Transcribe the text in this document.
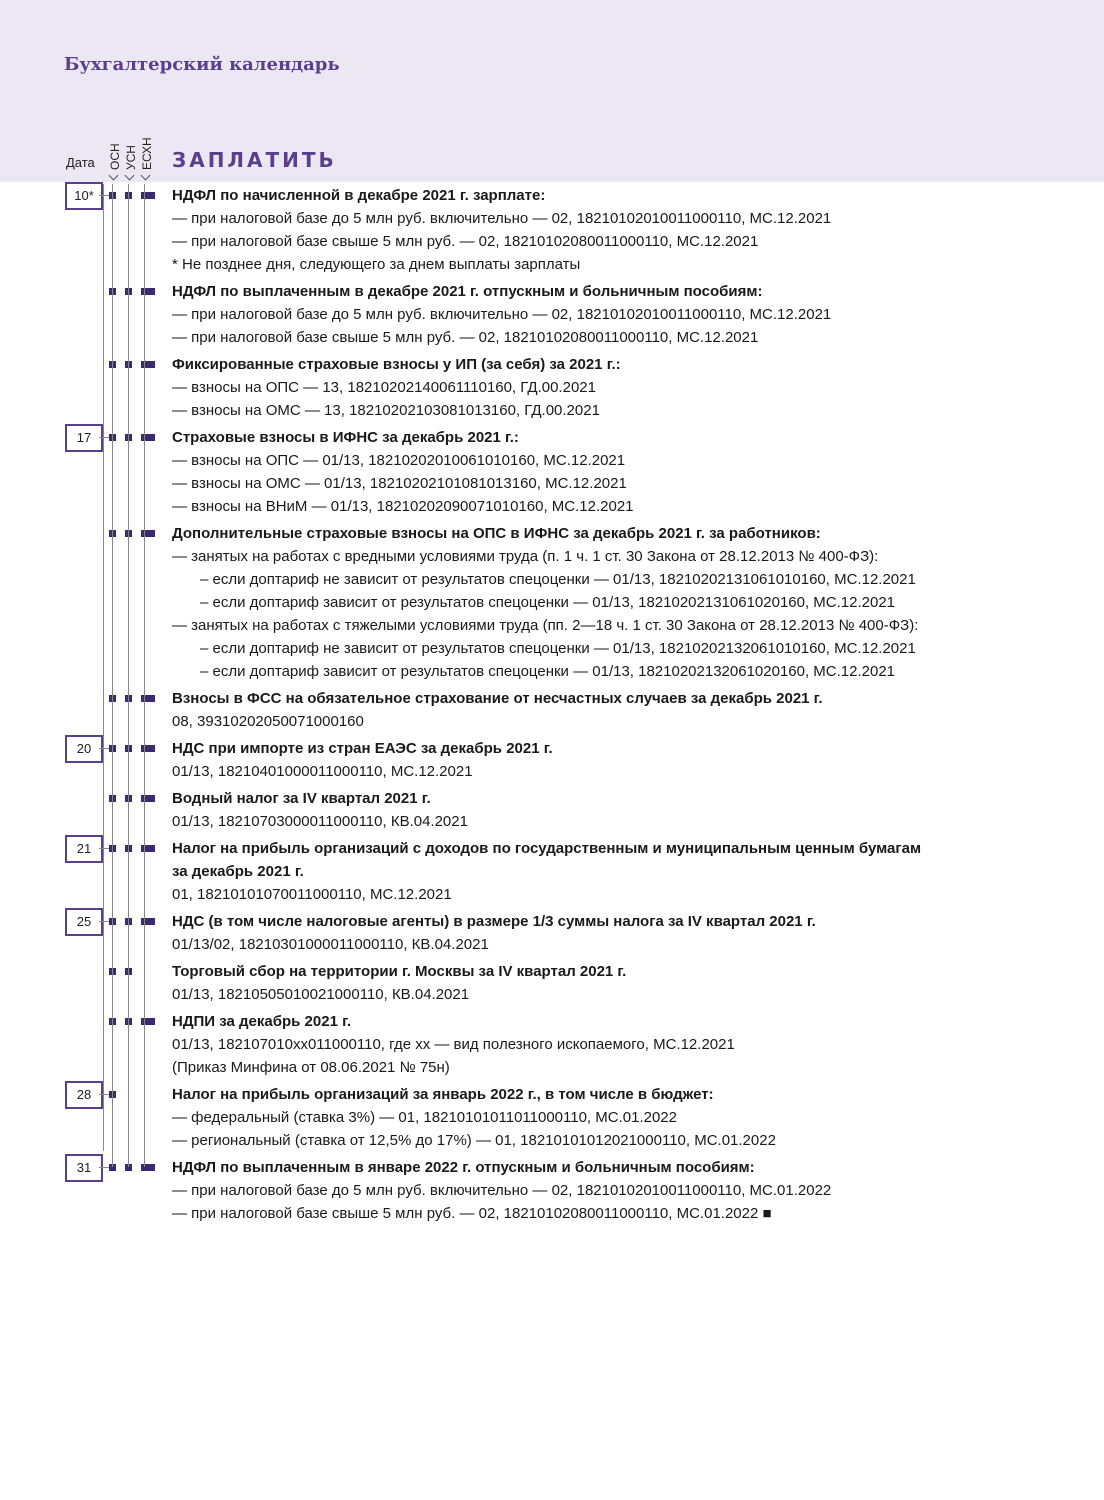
Бухгалтерский календарь
Дата ОСН УСН ЕСХН ЗАПЛАТИТЬ
НДФЛ по начисленной в декабре 2021 г. зарплате:
— при налоговой базе до 5 млн руб. включительно — 02, 18210102010011000110, МС.12.2021
— при налоговой базе свыше 5 млн руб. — 02, 18210102080011000110, МС.12.2021
* Не позднее дня, следующего за днем выплаты зарплаты
10*
НДФЛ по выплаченным в декабре 2021 г. отпускным и больничным пособиям:
— при налоговой базе до 5 млн руб. включительно — 02, 18210102010011000110, МС.12.2021
— при налоговой базе свыше 5 млн руб. — 02, 18210102080011000110, МС.12.2021
Фиксированные страховые взносы у ИП (за себя) за 2021 г.:
— взносы на ОПС — 13, 18210202140061110160, ГД.00.2021
— взносы на ОМС — 13, 18210202103081013160, ГД.00.2021
Страховые взносы в ИФНС за декабрь 2021 г.:
— взносы на ОПС — 01/13, 18210202010061010160, МС.12.2021
— взносы на ОМС — 01/13, 18210202101081013160, МС.12.2021
— взносы на ВНиМ — 01/13, 18210202090071010160, МС.12.2021
17
Дополнительные страховые взносы на ОПС в ИФНС за декабрь 2021 г. за работников:
— занятых на работах с вредными условиями труда (п. 1 ч. 1 ст. 30 Закона от 28.12.2013 № 400-ФЗ):
– если доптариф не зависит от результатов спецоценки — 01/13, 18210202131061010160, МС.12.2021
– если доптариф зависит от результатов спецоценки — 01/13, 18210202131061020160, МС.12.2021
— занятых на работах с тяжелыми условиями труда (пп. 2—18 ч. 1 ст. 30 Закона от 28.12.2013 № 400-ФЗ):
– если доптариф не зависит от результатов спецоценки — 01/13, 18210202132061010160, МС.12.2021
– если доптариф зависит от результатов спецоценки — 01/13, 18210202132061020160, МС.12.2021
Взносы в ФСС на обязательное страхование от несчастных случаев за декабрь 2021 г.
08, 39310202050071000160
НДС при импорте из стран ЕАЭС за декабрь 2021 г.
01/13, 18210401000011000110, МС.12.2021
20
Водный налог за IV квартал 2021 г.
01/13, 18210703000011000110, КВ.04.2021
Налог на прибыль организаций с доходов по государственным и муниципальным ценным бумагам
за декабрь 2021 г.
01, 18210101070011000110, МС.12.2021
21
НДС (в том числе налоговые агенты) в размере 1/3 суммы налога за IV квартал 2021 г.
01/13/02, 18210301000011000110, КВ.04.2021
25
Торговый сбор на территории г. Москвы за IV квартал 2021 г.
01/13, 18210505010021000110, КВ.04.2021
НДПИ за декабрь 2021 г.
01/13, 182107010xx011000110, где xx — вид полезного ископаемого, МС.12.2021
(Приказ Минфина от 08.06.2021 № 75н)
Налог на прибыль организаций за январь 2022 г., в том числе в бюджет:
— федеральный (ставка 3%) — 01, 18210101011011000110, МС.01.2022
— региональный (ставка от 12,5% до 17%) — 01, 18210101012021000110, МС.01.2022
28
НДФЛ по выплаченным в январе 2022 г. отпускным и больничным пособиям:
— при налоговой базе до 5 млн руб. включительно — 02, 18210102010011000110, МС.01.2022
— при налоговой базе свыше 5 млн руб. — 02, 18210102080011000110, МС.01.2022 ■
31
